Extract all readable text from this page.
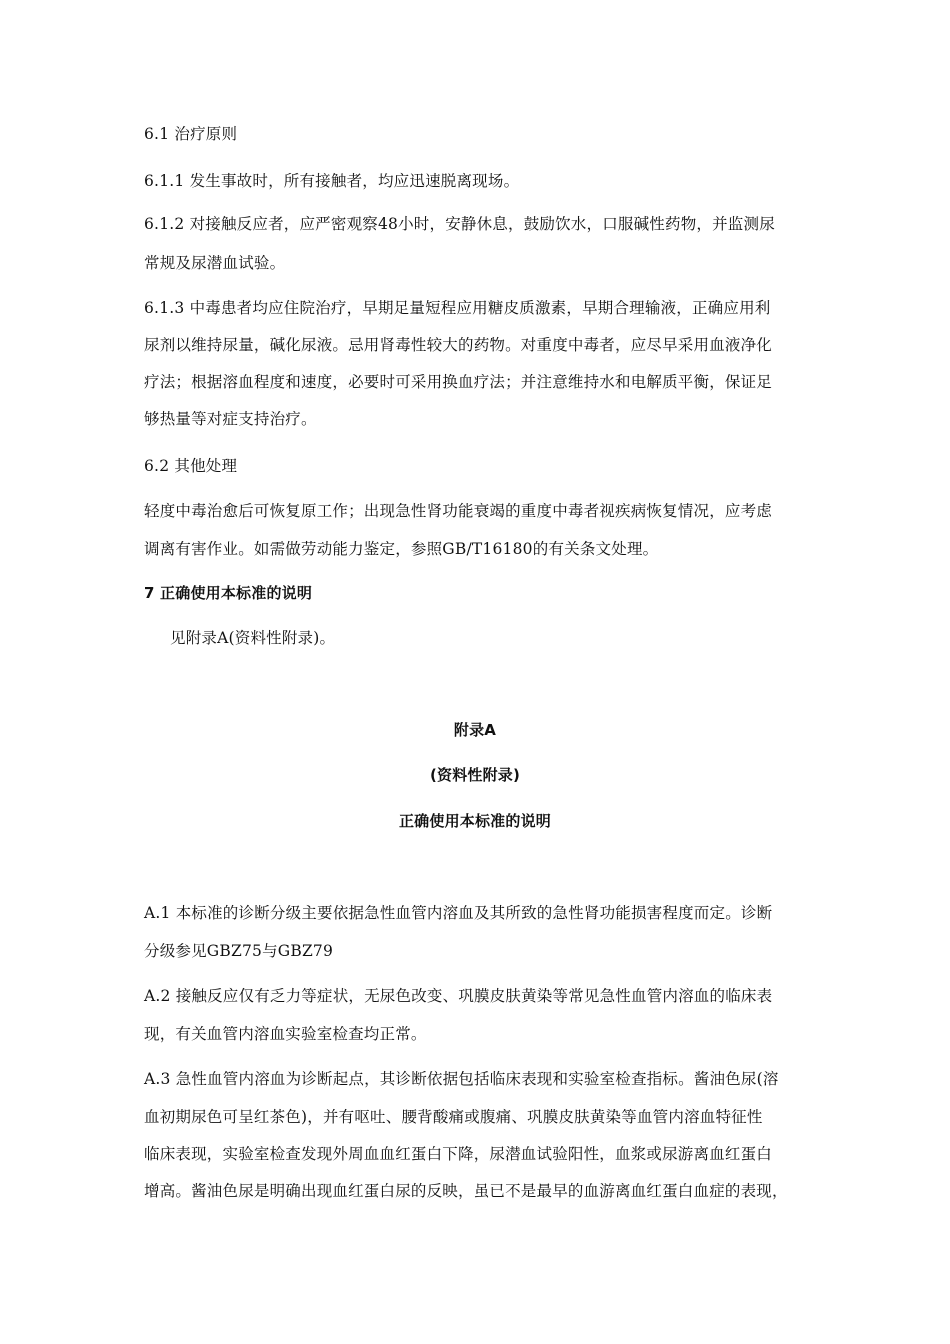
6.1 治疗原则
6.1.1 发生事故时，所有接触者，均应迅速脱离现场。
6.1.2 对接触反应者，应严密观察48小时，安静休息，鼓励饮水，口服碱性药物，并监测尿
常规及尿潜血试验。
6.1.3 中毒患者均应住院治疗，早期足量短程应用糖皮质激素，早期合理输液，正确应用利
尿剂以维持尿量，碱化尿液。忌用肾毒性较大的药物。对重度中毒者，应尽早采用血液净化
疗法；根据溶血程度和速度，必要时可采用换血疗法；并注意维持水和电解质平衡，保证足
够热量等对症支持治疗。
6.2 其他处理
轻度中毒治愈后可恢复原工作；出现急性肾功能衰竭的重度中毒者视疾病恢复情况，应考虑
调离有害作业。如需做劳动能力鉴定，参照GB/T16180的有关条文处理。
7 正确使用本标准的说明
见附录A(资料性附录)。
附录A
(资料性附录)
正确使用本标准的说明
A.1 本标准的诊断分级主要依据急性血管内溶血及其所致的急性肾功能损害程度而定。诊断
分级参见GBZ75与GBZ79
A.2 接触反应仅有乏力等症状，无尿色改变、巩膜皮肤黄染等常见急性血管内溶血的临床表
现，有关血管内溶血实验室检查均正常。
A.3 急性血管内溶血为诊断起点，其诊断依据包括临床表现和实验室检查指标。酱油色尿(溶
血初期尿色可呈红茶色)，并有呕吐、腰背酸痛或腹痛、巩膜皮肤黄染等血管内溶血特征性
临床表现，实验室检查发现外周血血红蛋白下降，尿潜血试验阳性，血浆或尿游离血红蛋白
增高。酱油色尿是明确出现血红蛋白尿的反映，虽已不是最早的血游离血红蛋白血症的表现，
